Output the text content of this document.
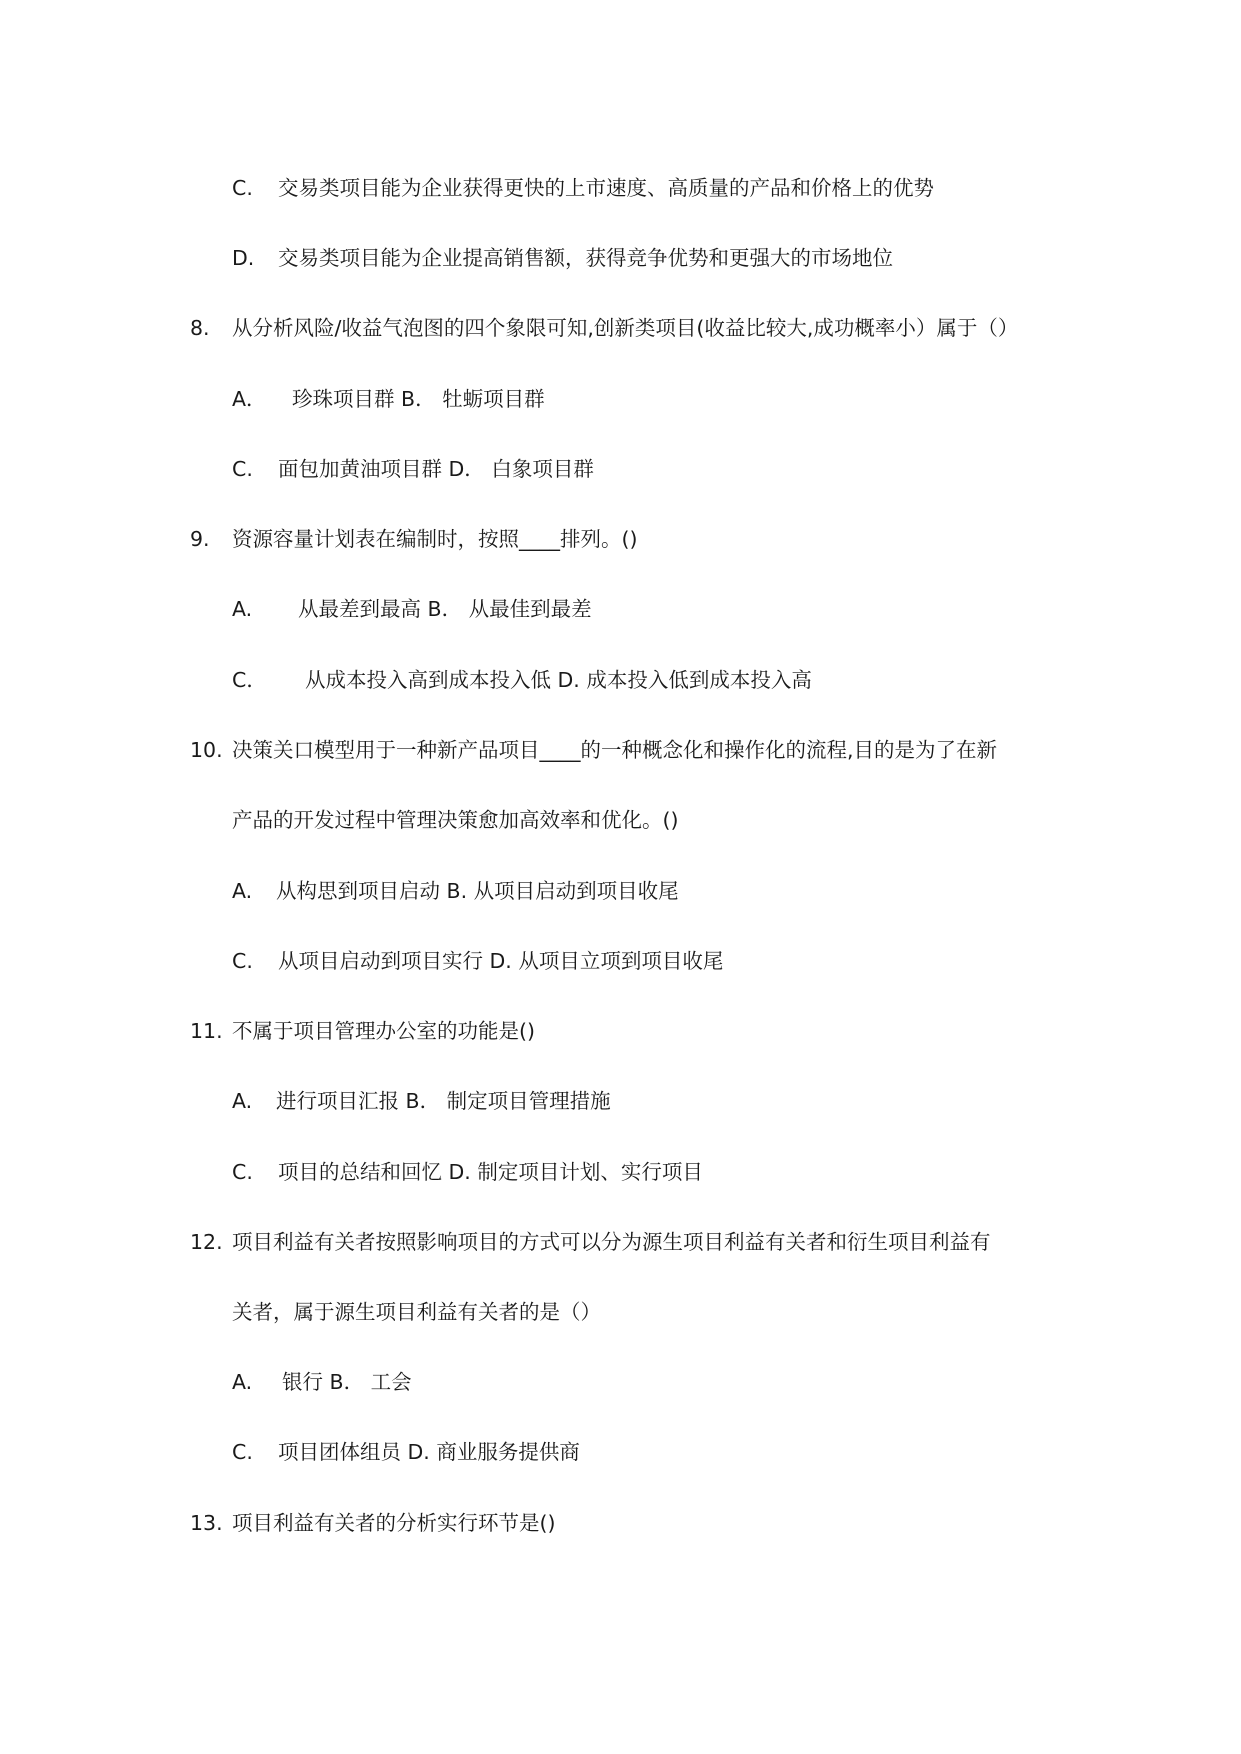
C. 交易类项目能为企业获得更快的上市速度、高质量的产品和价格上的优势
D. 交易类项目能为企业提高销售额，获得竞争优势和更强大的市场地位
8. 从分析风险/收益气泡图的四个象限可知,创新类项目(收益比较大,成功概率小）属于（）
A． 珍珠项目群 B． 牡蛎项目群
C. 面包加黄油项目群 D． 白象项目群
9. 资源容量计划表在编制时，按照____排列。()
A. 从最差到最高 B． 从最佳到最差
C． 从成本投入高到成本投入低 D. 成本投入低到成本投入高
10. 决策关口模型用于一种新产品项目____的一种概念化和操作化的流程,目的是为了在新
产品的开发过程中管理决策愈加高效率和优化。()
A. 从构思到项目启动 B. 从项目启动到项目收尾
C. 从项目启动到项目实行 D. 从项目立项到项目收尾
11. 不属于项目管理办公室的功能是()
A. 进行项目汇报 B． 制定项目管理措施
C. 项目的总结和回忆 D. 制定项目计划、实行项目
12. 项目利益有关者按照影响项目的方式可以分为源生项目利益有关者和衍生项目利益有
关者，属于源生项目利益有关者的是（）
A. 银行 B． 工会
C. 项目团体组员 D. 商业服务提供商
13. 项目利益有关者的分析实行环节是()
